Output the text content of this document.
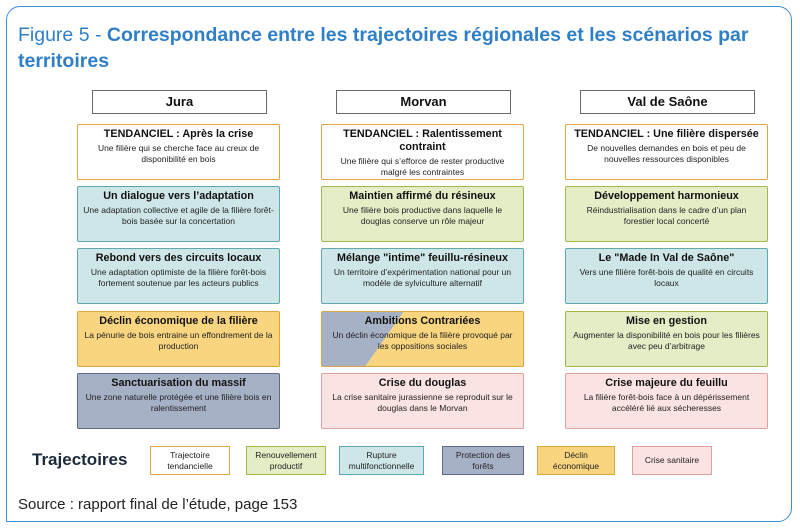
Figure 5 - Correspondance entre les trajectoires régionales et les scénarios par territoires
Jura
TENDANCIEL : Après la crise
Une filière qui se cherche face au creux de disponibilité en bois
Un dialogue vers l’adaptation
Une adaptation collective et agile de la filière forêt-bois basée sur la concertation
Rebond vers des circuits locaux
Une adaptation optimiste de la filière forêt-bois fortement soutenue par les acteurs publics
Déclin économique de la filière
La pénurie de bois entraine un effondrement de la production
Sanctuarisation du massif
Une zone naturelle protégée et une filière bois en ralentissement
Morvan
TENDANCIEL : Ralentissement contraint
Une filière qui s’efforce de rester productive malgré les contraintes
Maintien affirmé du résineux
Une filière bois productive dans laquelle le douglas conserve un rôle majeur
Mélange "intime" feuillu-résineux
Un territoire d’expérimentation national pour un modèle de sylviculture alternatif
Ambitions Contrariées
Un déclin économique de la filière provoqué par les oppositions sociales
Crise du douglas
La crise sanitaire jurassienne se reproduit sur le douglas dans le Morvan
Val de Saône
TENDANCIEL : Une filière dispersée
De nouvelles demandes en bois et peu de nouvelles ressources disponibles
Développement harmonieux
Réindustrialisation dans le cadre d’un plan forestier local concerté
Le "Made In Val de Saône"
Vers une filière forêt-bois de qualité en circuits locaux
Mise en gestion
Augmenter la disponibilité en bois pour les filières avec peu d’arbitrage
Crise majeure du feuillu
La filière forêt-bois face à un dépérissement accéléré lié aux sécheresses
Trajectoires	Trajectoire tendancielle
Renouvellement productif
Rupture multifonctionnelle
Protection des forêts
Déclin économique
Crise sanitaire
Source : rapport final de l’étude, page 153
